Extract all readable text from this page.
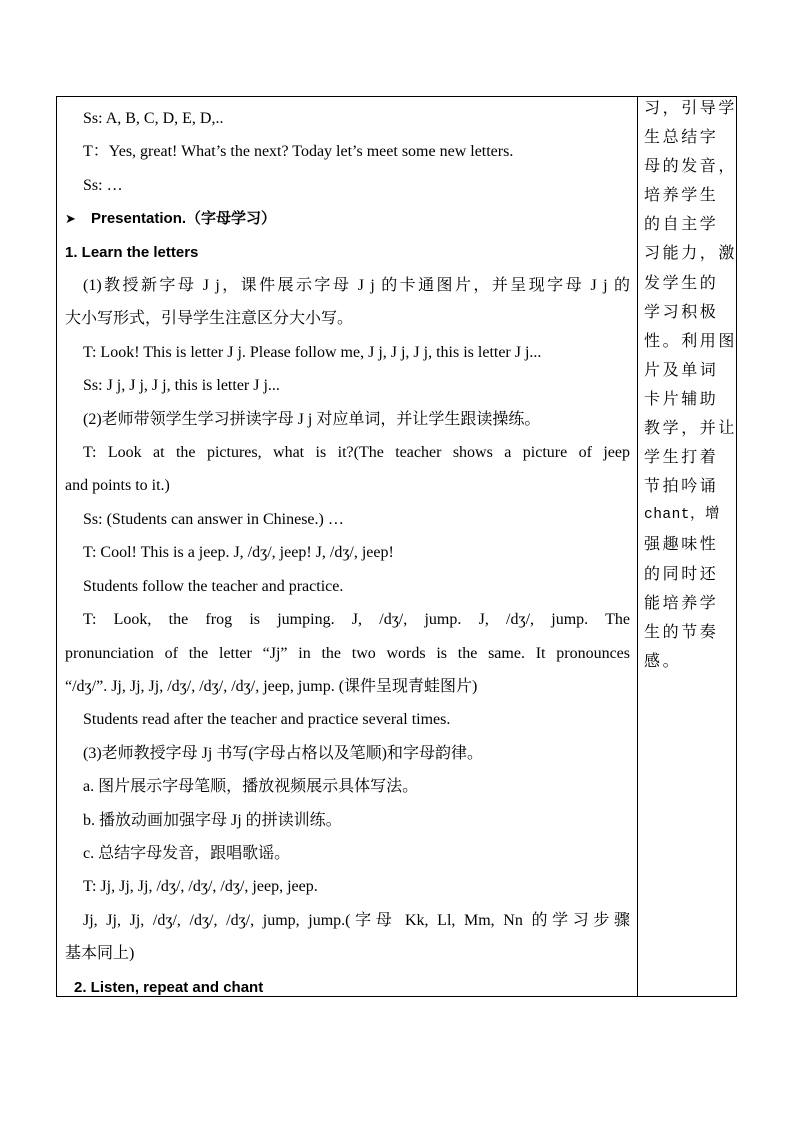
Ss: A, B, C, D, E, D,..
T：Yes, great! What’s the next? Today let’s meet some new letters.
Ss: …
➤ Presentation.（字母学习）
1. Learn the letters
(1)教授新字母 J j，课件展示字母 J j 的卡通图片，并呈现字母 J j 的
大小写形式，引导学生注意区分大小写。
T: Look! This is letter J j. Please follow me, J j, J j, J j, this is letter J j...
Ss: J j, J j, J j, this is letter J j...
(2)老师带领学生学习拼读字母 J j 对应单词，并让学生跟读操练。
T: Look at the pictures, what is it?(The teacher shows a picture of jeep
and points to it.)
Ss: (Students can answer in Chinese.) …
T: Cool! This is a jeep. J, /dʒ/, jeep! J, /dʒ/, jeep!
Students follow the teacher and practice.
T: Look, the frog is jumping. J, /dʒ/, jump. J, /dʒ/, jump. The
pronunciation of the letter “Jj” in the two words is the same. It pronounces
“/dʒ/”. Jj, Jj, Jj, /dʒ/, /dʒ/, /dʒ/, jeep, jump. (课件呈现青蛙图片)
Students read after the teacher and practice several times.
(3)老师教授字母 Jj 书写(字母占格以及笔顺)和字母韵律。
a. 图片展示字母笔顺，播放视频展示具体写法。
b. 播放动画加强字母 Jj 的拼读训练。
c. 总结字母发音，跟唱歌谣。
T: Jj, Jj, Jj, /dʒ/, /dʒ/, /dʒ/, jeep, jeep.
Jj, Jj, Jj, /dʒ/, /dʒ/, /dʒ/, jump, jump.(字母 Kk, Ll, Mm, Nn 的学习步骤
基本同上)
2. Listen, repeat and chant
习，引导学
生总结字
母的发音，
培养学生
的自主学
习能力，激
发学生的
学习积极
性。利用图
片及单词
卡片辅助
教学，并让
学生打着
节拍吟诵
chant，增
强趣味性
的同时还
能培养学
生的节奏
感。
